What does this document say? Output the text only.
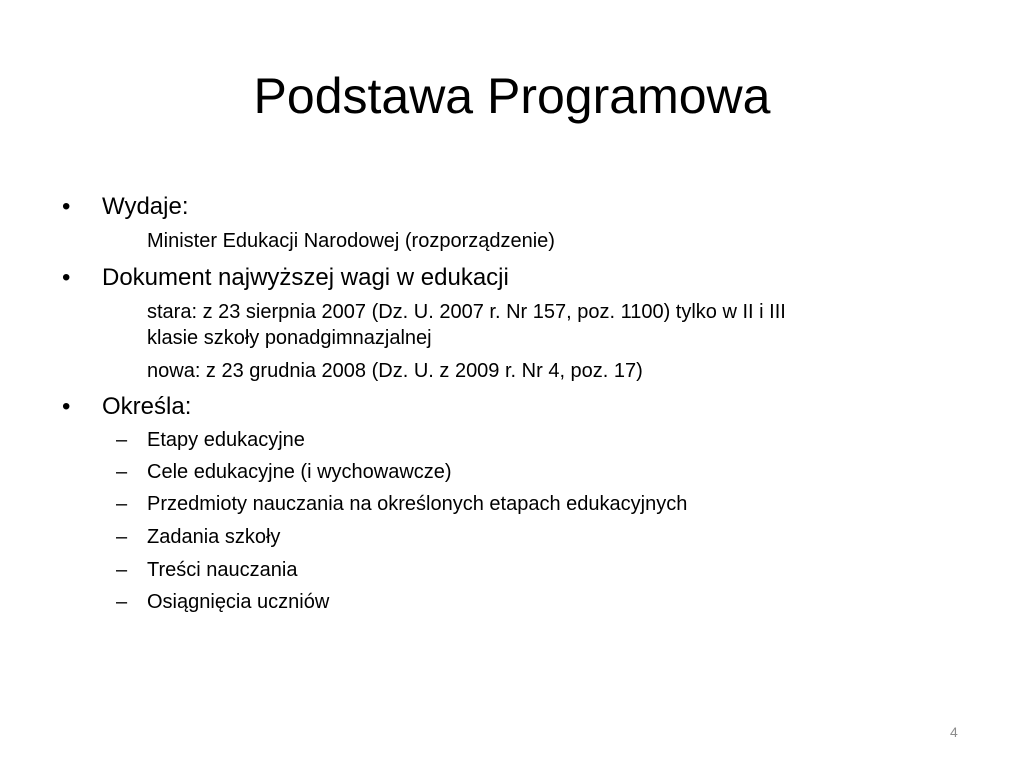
Podstawa Programowa
• Wydaje:
Minister Edukacji Narodowej (rozporządzenie)
• Dokument najwyższej wagi w edukacji
stara: z 23 sierpnia 2007 (Dz. U. 2007 r. Nr 157, poz. 1100) tylko w II i III
klasie szkoły ponadgimnazjalnej
nowa: z 23 grudnia 2008 (Dz. U. z 2009 r. Nr 4, poz. 17)
• Określa:
– Etapy edukacyjne
– Cele edukacyjne (i wychowawcze)
– Przedmioty nauczania na określonych etapach edukacyjnych
– Zadania szkoły
– Treści nauczania
– Osiągnięcia uczniów
4
